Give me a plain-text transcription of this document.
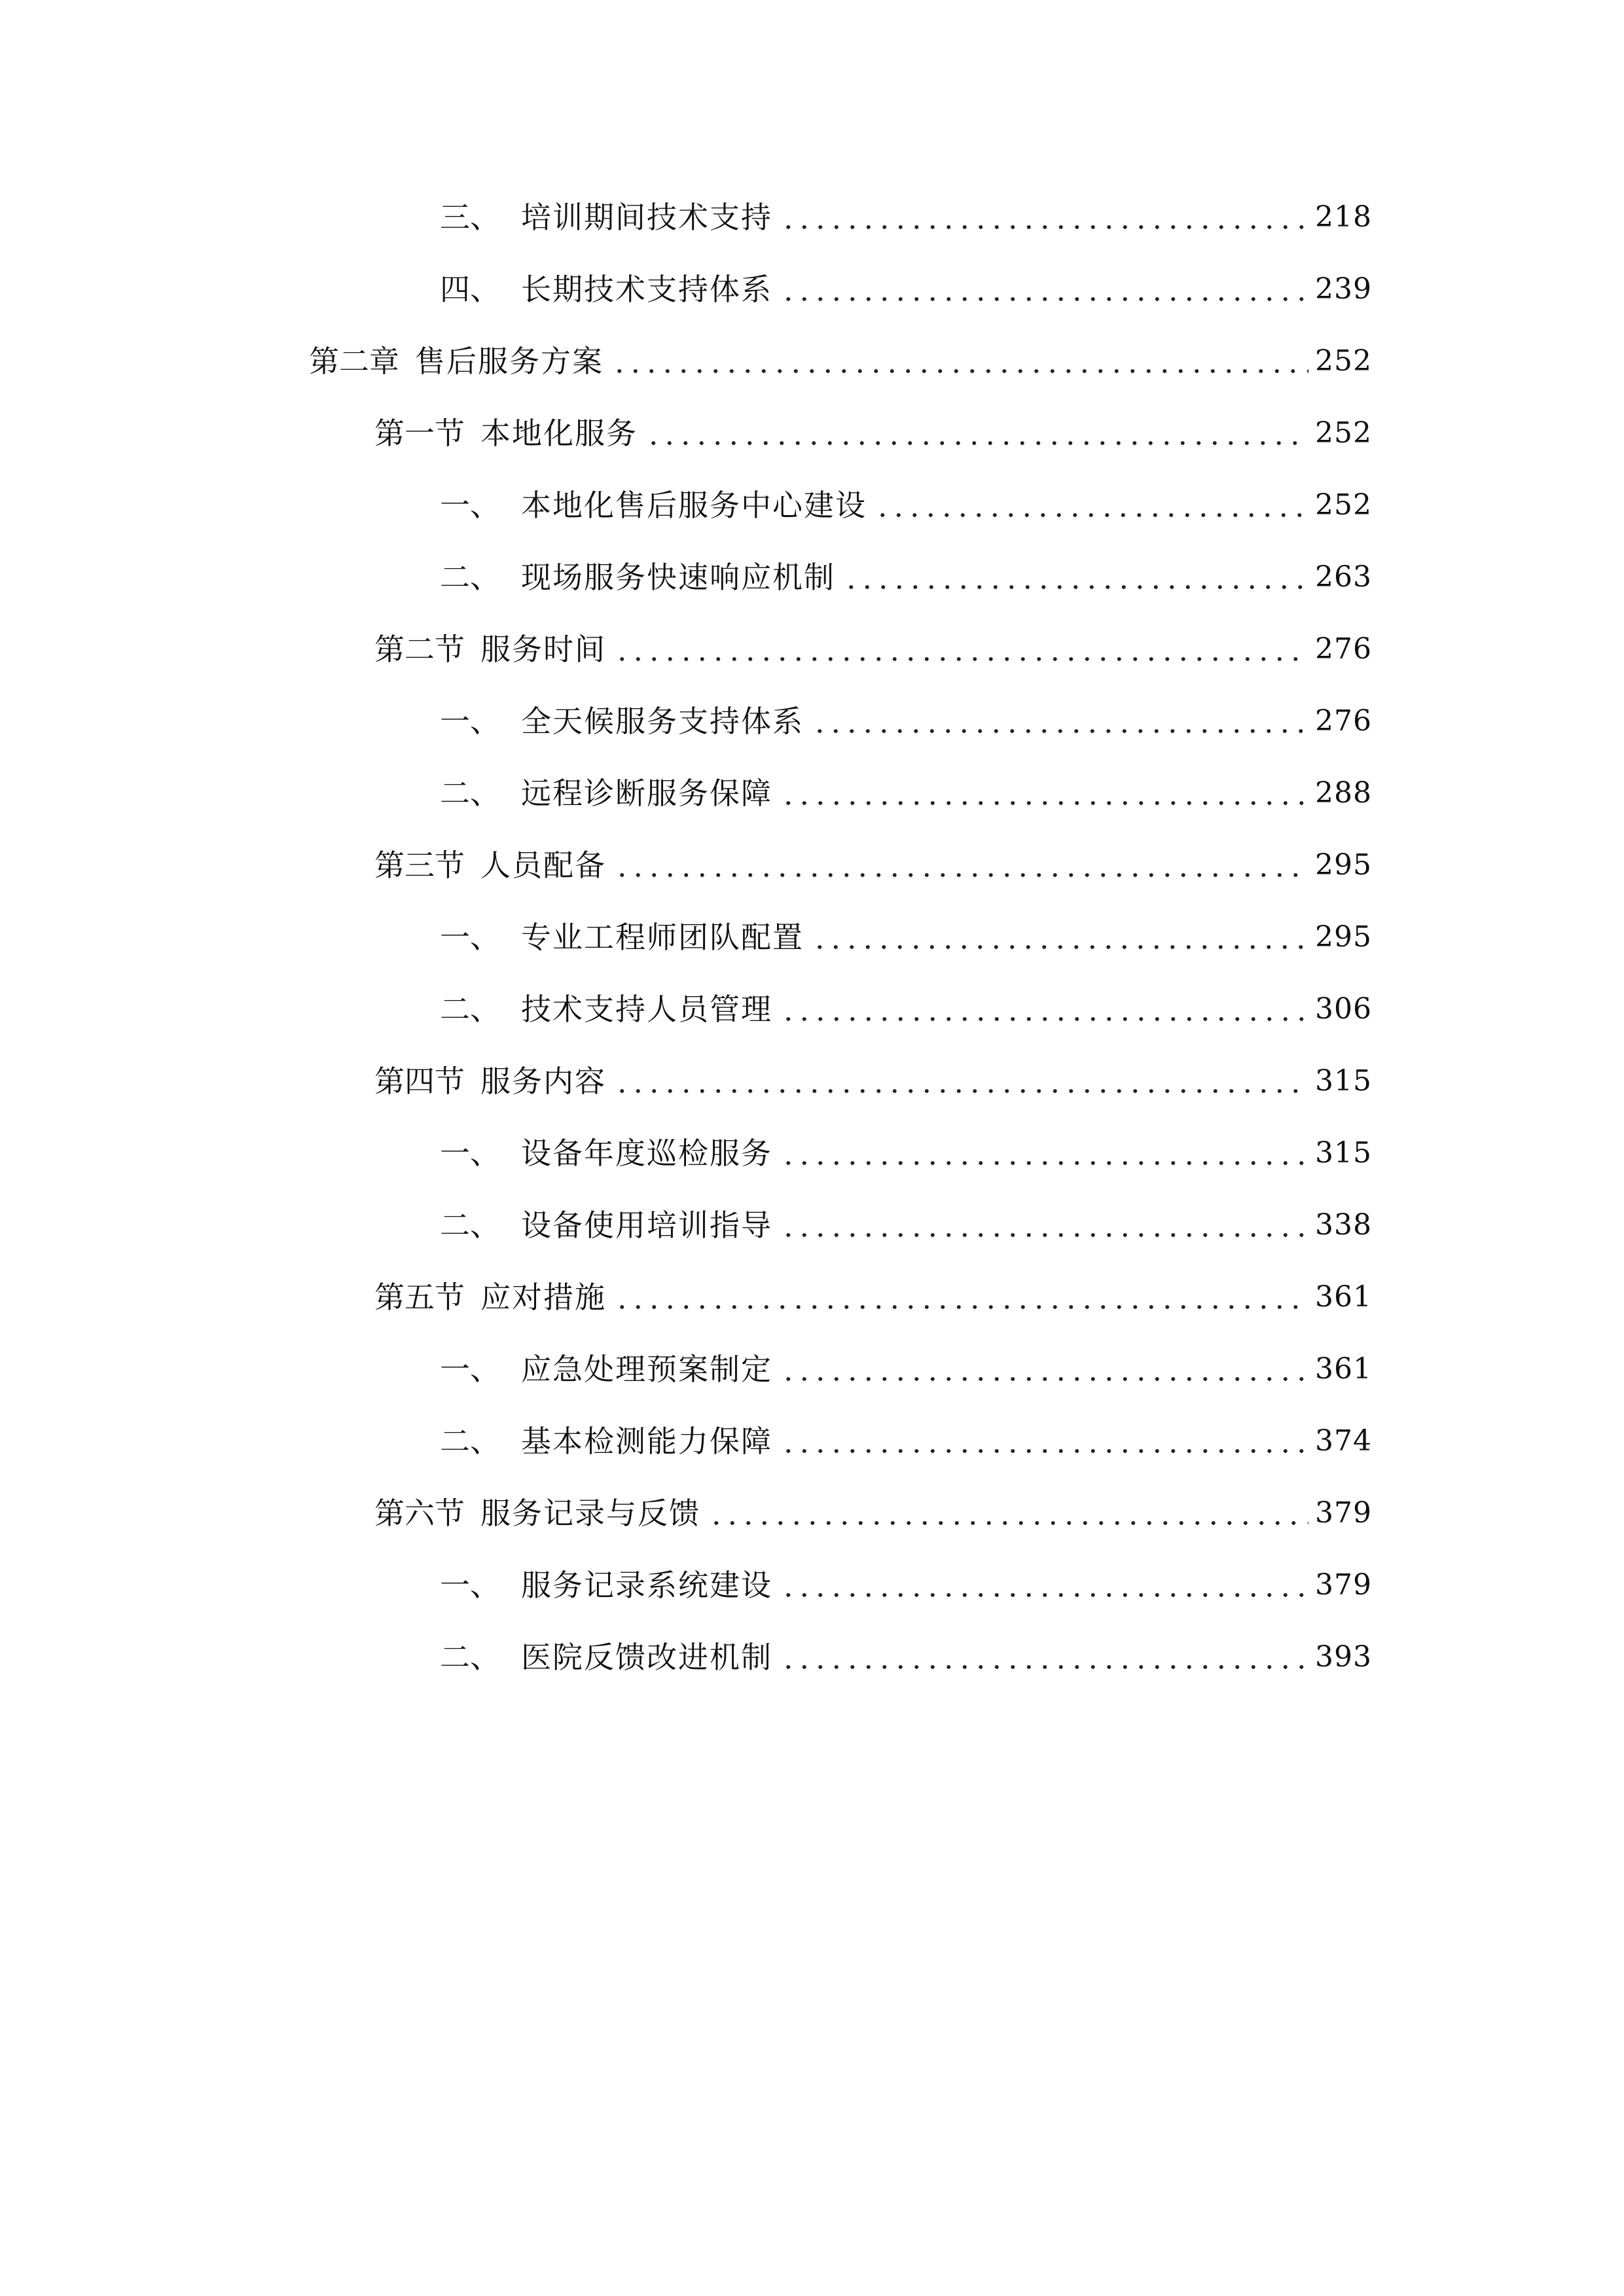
三、 培训期间技术支持	218
四、 长期技术支持体系	239
第二章 售后服务方案	252
第一节 本地化服务	252
一、 本地化售后服务中心建设	252
二、 现场服务快速响应机制	263
第二节 服务时间	276
一、 全天候服务支持体系	276
二、 远程诊断服务保障	288
第三节 人员配备	295
一、 专业工程师团队配置	295
二、 技术支持人员管理	306
第四节 服务内容	315
一、 设备年度巡检服务	315
二、 设备使用培训指导	338
第五节 应对措施	361
一、 应急处理预案制定	361
二、 基本检测能力保障	374
第六节 服务记录与反馈	379
一、 服务记录系统建设	379
二、 医院反馈改进机制	393
